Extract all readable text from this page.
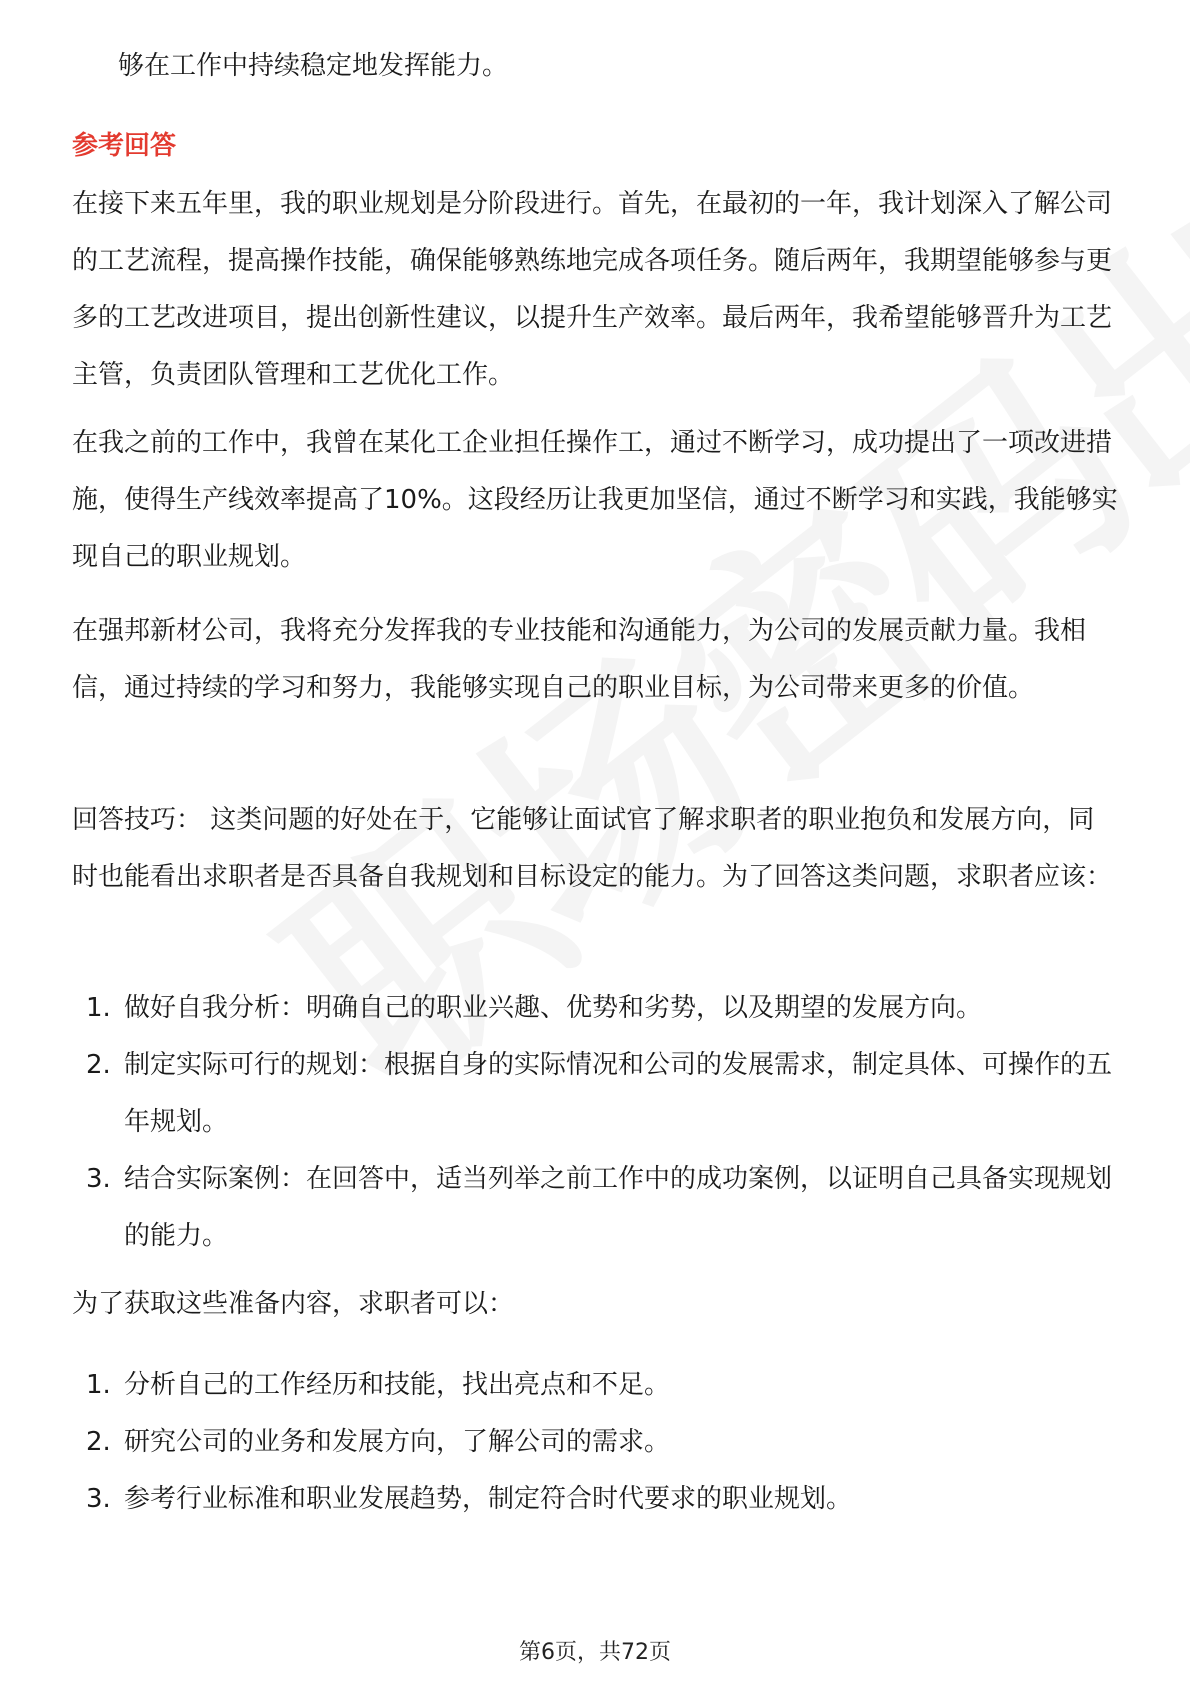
够在工作中持续稳定地发挥能力。

参考回答

在接下来五年里，我的职业规划是分阶段进行。首先，在最初的一年，我计划深入了解公司的工艺流程，提高操作技能，确保能够熟练地完成各项任务。随后两年，我期望能够参与更多的工艺改进项目，提出创新性建议，以提升生产效率。最后两年，我希望能够晋升为工艺主管，负责团队管理和工艺优化工作。

在我之前的工作中，我曾在某化工企业担任操作工，通过不断学习，成功提出了一项改进措施，使得生产线效率提高了10%。这段经历让我更加坚信，通过不断学习和实践，我能够实现自己的职业规划。

在强邦新材公司，我将充分发挥我的专业技能和沟通能力，为公司的发展贡献力量。我相信，通过持续的学习和努力，我能够实现自己的职业目标，为公司带来更多的价值。

回答技巧： 这类问题的好处在于，它能够让面试官了解求职者的职业抱负和发展方向，同时也能看出求职者是否具备自我规划和目标设定的能力。为了回答这类问题，求职者应该：

1. 做好自我分析：明确自己的职业兴趣、优势和劣势，以及期望的发展方向。
2. 制定实际可行的规划：根据自身的实际情况和公司的发展需求，制定具体、可操作的五年规划。
3. 结合实际案例：在回答中，适当列举之前工作中的成功案例，以证明自己具备实现规划的能力。

为了获取这些准备内容，求职者可以：

1. 分析自己的工作经历和技能，找出亮点和不足。
2. 研究公司的业务和发展方向，了解公司的需求。
3. 参考行业标准和职业发展趋势，制定符合时代要求的职业规划。
第6页，共72页
